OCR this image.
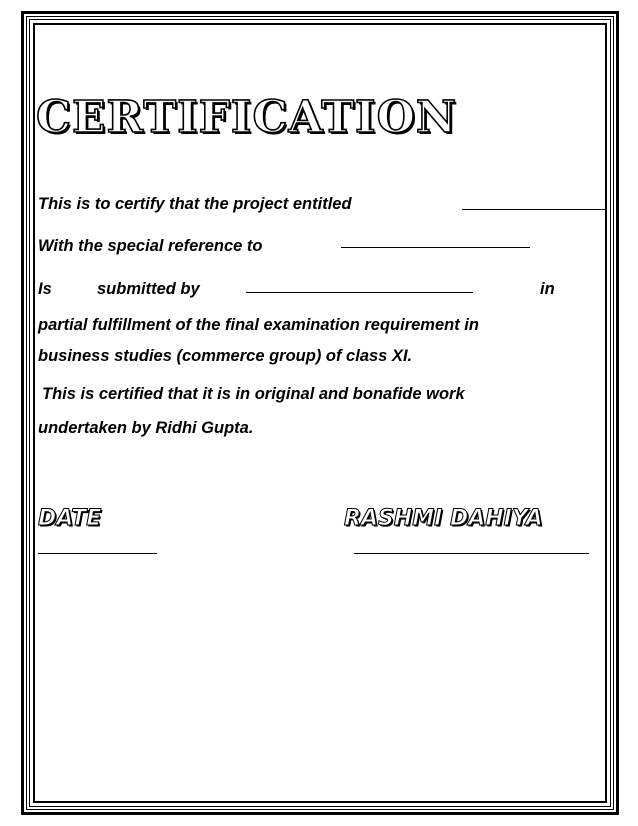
CERTIFICATION
This is to certify that the project entitled
With the special reference to
Is	submitted by	in
partial fulfillment of the final examination requirement in
business studies (commerce group) of class XI.
This is certified that it is in original and bonafide work
undertaken by Ridhi Gupta.
DATE	RASHMI DAHIYA
